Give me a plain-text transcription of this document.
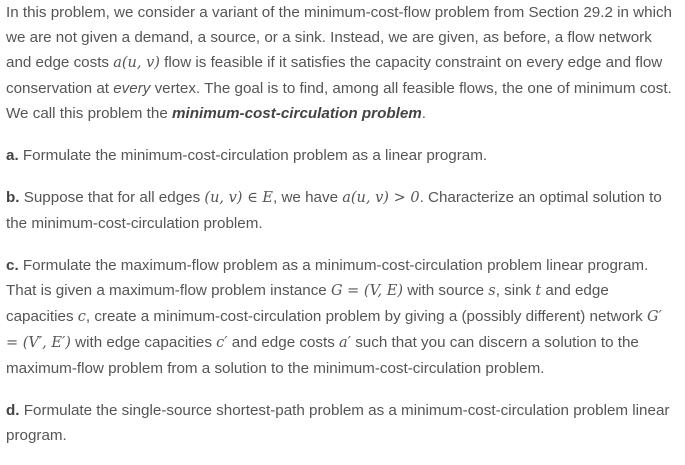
In this problem, we consider a variant of the minimum-cost-flow problem from Section 29.2 in which we are not given a demand, a source, or a sink. Instead, we are given, as before, a flow network and edge costs a(u, v) flow is feasible if it satisfies the capacity constraint on every edge and flow conservation at every vertex. The goal is to find, among all feasible flows, the one of minimum cost. We call this problem the minimum-cost-circulation problem.

a. Formulate the minimum-cost-circulation problem as a linear program.

b. Suppose that for all edges (u, v) ∈ E, we have a(u, v) > 0. Characterize an optimal solution to the minimum-cost-circulation problem.

c. Formulate the maximum-flow problem as a minimum-cost-circulation problem linear program. That is given a maximum-flow problem instance G = (V, E) with source s, sink t and edge capacities c, create a minimum-cost-circulation problem by giving a (possibly different) network G′ = (V′, E′) with edge capacities c′ and edge costs a′ such that you can discern a solution to the maximum-flow problem from a solution to the minimum-cost-circulation problem.

d. Formulate the single-source shortest-path problem as a minimum-cost-circulation problem linear program.
